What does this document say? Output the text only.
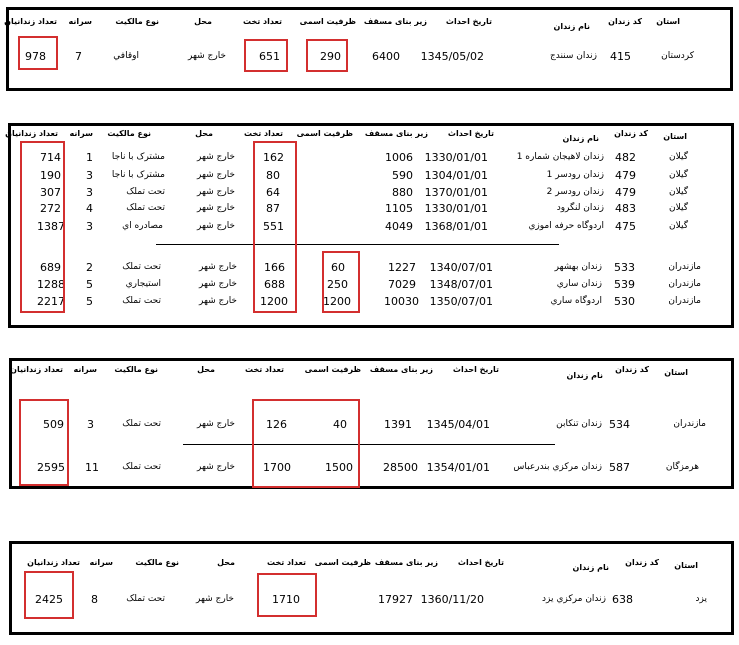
استان
کد زندان
نام زندان
تاریخ احداث
زیر بنای مسقف
ظرفیت اسمی
تعداد تخت
محل
نوع مالکیت
سرانه
تعداد زندانیان
کردستان
415
زندان سنندج
1345/05/02
6400
290
651
خارج شهر
اوقافي
7
978
استان
کد زندان
نام زندان
تاریخ احداث
زیر بنای مسقف
ظرفیت اسمی
تعداد تخت
محل
نوع مالکیت
سرانه
تعداد زندانیان
گیلان
482
زندان لاهیجان شماره 1
1330/01/01
1006
162
خارج شهر
مشترک با ناجا
1
714
گیلان
479
زندان رودسر 1
1304/01/01
590
80
خارج شهر
مشترک با ناجا
3
190
گیلان
479
زندان رودسر 2
1370/01/01
880
64
خارج شهر
تحت تملک
3
307
گیلان
483
زندان لنگرود
1330/01/01
1105
87
خارج شهر
تحت تملک
4
272
گیلان
475
اردوگاه حرفه اموزي
1368/01/01
4049
551
خارج شهر
مصادره اي
3
1387
مازندران
533
زندان بهشهر
1340/07/01
1227
60
166
خارج شهر
تحت تملک
2
689
مازندران
539
زندان ساري
1348/07/01
7029
250
688
خارج شهر
استیجاري
5
1288
مازندران
530
اردوگاه ساري
1350/07/01
10030
1200
1200
خارج شهر
تحت تملک
5
2217
استان
کد زندان
نام زندان
تاریخ احداث
زیر بنای مسقف
ظرفیت اسمی
تعداد تخت
محل
نوع مالکیت
سرانه
تعداد زندانیان
مازندران
534
زندان تنکابن
1345/04/01
1391
40
126
خارج شهر
تحت تملک
3
509
هرمزگان
587
زندان مرکزي بندرعباس
1354/01/01
28500
1500
1700
خارج شهر
تحت تملک
11
2595
استان
کد زندان
نام زندان
تاریخ احداث
زیر بنای مسقف
ظرفیت اسمی
تعداد تخت
محل
نوع مالکیت
سرانه
تعداد زندانیان
یزد
638
زندان مرکزي یزد
1360/11/20
17927
1710
خارج شهر
تحت تملک
8
2425
